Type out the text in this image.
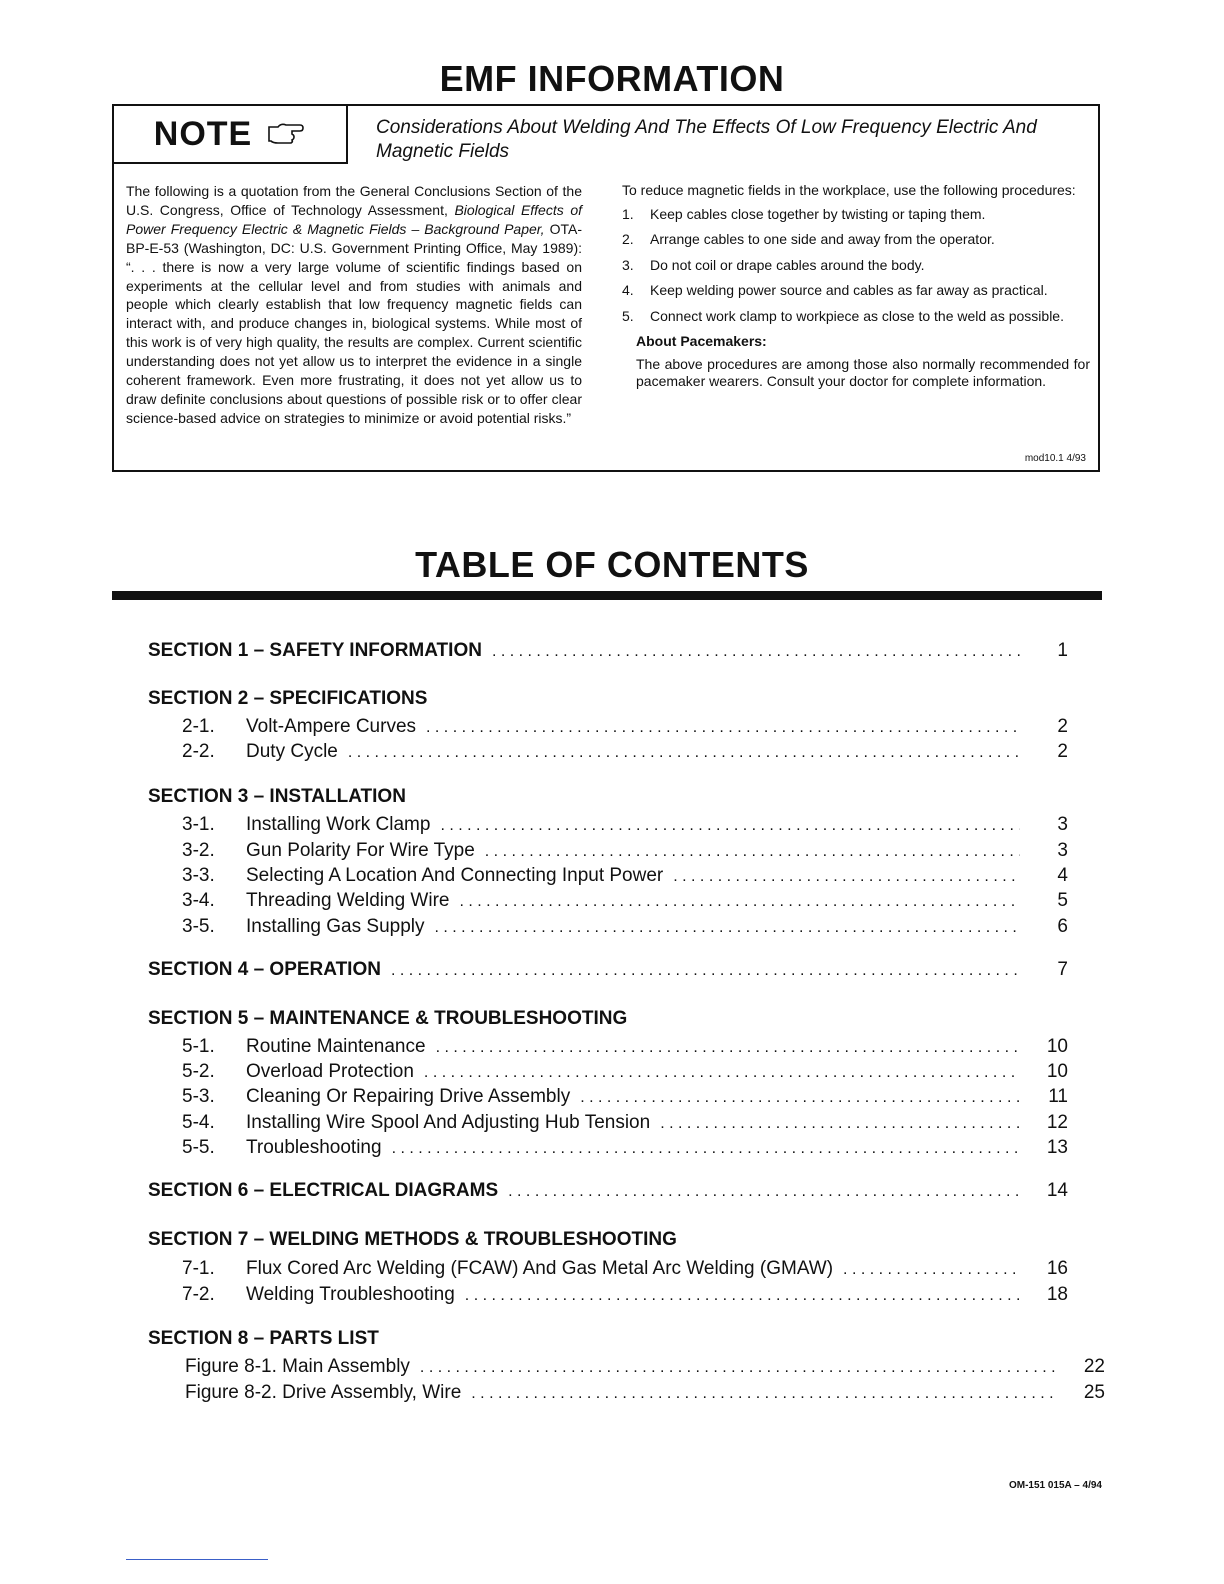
EMF INFORMATION
NOTE	Considerations About Welding And The Effects Of Low Frequency Electric And Magnetic Fields
The following is a quotation from the General Conclusions Section of the U.S. Congress, Office of Technology Assessment, Biological Effects of Power Frequency Electric & Magnetic Fields – Background Paper, OTA-BP-E-53 (Washington, DC: U.S. Government Printing Office, May 1989): “. . . there is now a very large volume of scientific findings based on experiments at the cellular level and from studies with animals and people which clearly establish that low frequency magnetic fields can interact with, and produce changes in, biological systems. While most of this work is of very high quality, the results are complex. Current scientific understanding does not yet allow us to interpret the evidence in a single coherent framework. Even more frustrating, it does not yet allow us to draw definite conclusions about questions of possible risk or to offer clear science-based advice on strategies to minimize or avoid potential risks.”
To reduce magnetic fields in the workplace, use the following procedures:
1.	Keep cables close together by twisting or taping them.
2.	Arrange cables to one side and away from the operator.
3.	Do not coil or drape cables around the body.
4.	Keep welding power source and cables as far away as practical.
5.	Connect work clamp to workpiece as close to the weld as possible.
About Pacemakers:
The above procedures are among those also normally recommended for pacemaker wearers. Consult your doctor for complete information.
mod10.1 4/93
TABLE OF CONTENTS
SECTION 1 – SAFETY INFORMATION . . .	1
SECTION 2 – SPECIFICATIONS
2-1.	Volt-Ampere Curves . . .	2
2-2.	Duty Cycle . . .	2
SECTION 3 – INSTALLATION
3-1.	Installing Work Clamp . . .	3
3-2.	Gun Polarity For Wire Type . . .	3
3-3.	Selecting A Location And Connecting Input Power . . .	4
3-4.	Threading Welding Wire . . .	5
3-5.	Installing Gas Supply . . .	6
SECTION 4 – OPERATION . . .	7
SECTION 5 – MAINTENANCE & TROUBLESHOOTING
5-1.	Routine Maintenance . . .	10
5-2.	Overload Protection . . .	10
5-3.	Cleaning Or Repairing Drive Assembly . . .	11
5-4.	Installing Wire Spool And Adjusting Hub Tension . . .	12
5-5.	Troubleshooting . . .	13
SECTION 6 – ELECTRICAL DIAGRAMS . . .	14
SECTION 7 – WELDING METHODS & TROUBLESHOOTING
7-1.	Flux Cored Arc Welding (FCAW) And Gas Metal Arc Welding (GMAW) . . .	16
7-2.	Welding Troubleshooting . . .	18
SECTION 8 – PARTS LIST
Figure 8-1. Main Assembly . . .	22
Figure 8-2. Drive Assembly, Wire . . .	25
OM-151 015A – 4/94
